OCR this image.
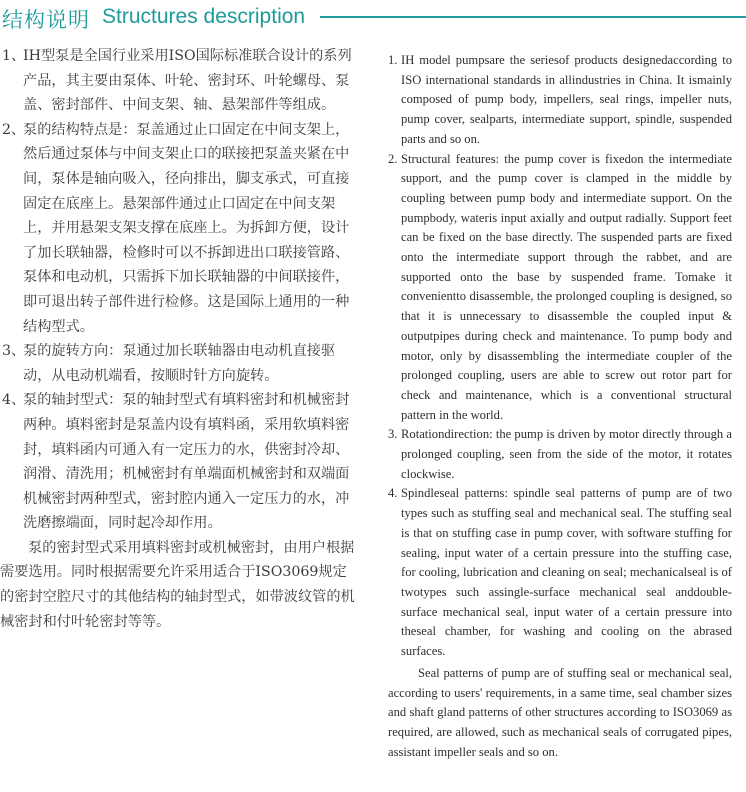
结构说明 Structures description
1、
IH型泵是全国行业采用ISO国际标准联合设计的系列产品，其主要由泵体、叶轮、密封环、叶轮螺母、泵盖、密封部件、中间支架、轴、悬架部件等组成。
2、
泵的结构特点是：泵盖通过止口固定在中间支架上，然后通过泵体与中间支架止口的联接把泵盖夹紧在中间，泵体是轴向吸入，径向排出，脚支承式，可直接固定在底座上。悬架部件通过止口固定在中间支架上，并用悬架支架支撑在底座上。为拆卸方便，设计了加长联轴器，检修时可以不拆卸进出口联接管路、泵体和电动机，只需拆下加长联轴器的中间联接件，即可退出转子部件进行检修。这是国际上通用的一种结构型式。
3、
泵的旋转方向：泵通过加长联轴器由电动机直接驱动，从电动机端看，按顺时针方向旋转。
4、
泵的轴封型式：泵的轴封型式有填料密封和机械密封两种。填料密封是泵盖内设有填料函，采用软填料密封，填料函内可通入有一定压力的水，供密封冷却、润滑、清洗用；机械密封有单端面机械密封和双端面机械密封两种型式，密封腔内通入一定压力的水，冲洗磨擦端面，同时起冷却作用。
泵的密封型式采用填料密封或机械密封，由用户根据需要选用。同时根据需要允许采用适合于ISO3069规定的密封空腔尺寸的其他结构的轴封型式，如带波纹管的机械密封和付叶轮密封等等。
1. IH model pumpsare the seriesof products designedaccording to ISO international standards in allindustries in China. It ismainly composed of pump body, impellers, seal rings, impeller nuts, pump cover, sealparts, intermediate support, spindle, suspended parts and so on.
2. Structural features: the pump cover is fixedon the intermediate support, and the pump cover is clamped in the middle by coupling between pump body and intermediate support. On the pumpbody, wateris input axially and output radially. Support feet can be fixed on the base directly. The suspended parts are fixed onto the intermediate support through the rabbet, and are supported onto the base by suspended frame. Tomake it convenientto disassemble, the prolonged coupling is designed, so that it is unnecessary to disassemble the coupled input & outputpipes during check and maintenance. To pump body and motor, only by disassembling the intermediate coupler of the prolonged coupling, users are able to screw out rotor part for check and maintenance, which is a conventional structural pattern in the world.
3. Rotationdirection: the pump is driven by motor directly through a prolonged coupling, seen from the side of the motor, it rotates clockwise.
4. Spindleseal patterns: spindle seal patterns of pump are of two types such as stuffing seal and mechanical seal. The stuffing seal is that on stuffing case in pump cover, with software stuffing for sealing, input water of a certain pressure into the stuffing case, for cooling, lubrication and cleaning on seal; mechanicalseal is of twotypes such assingle-surface mechanical seal anddouble-surface mechanical seal, input water of a certain pressure into theseal chamber, for washing and cooling on the abrased surfaces.
Seal patterns of pump are of stuffing seal or mechanical seal, according to users' requirements, in a same time, seal chamber sizes and shaft gland patterns of other structures according to ISO3069 as required, are allowed, such as mechanical seals of corrugated pipes, assistant impeller seals and so on.
